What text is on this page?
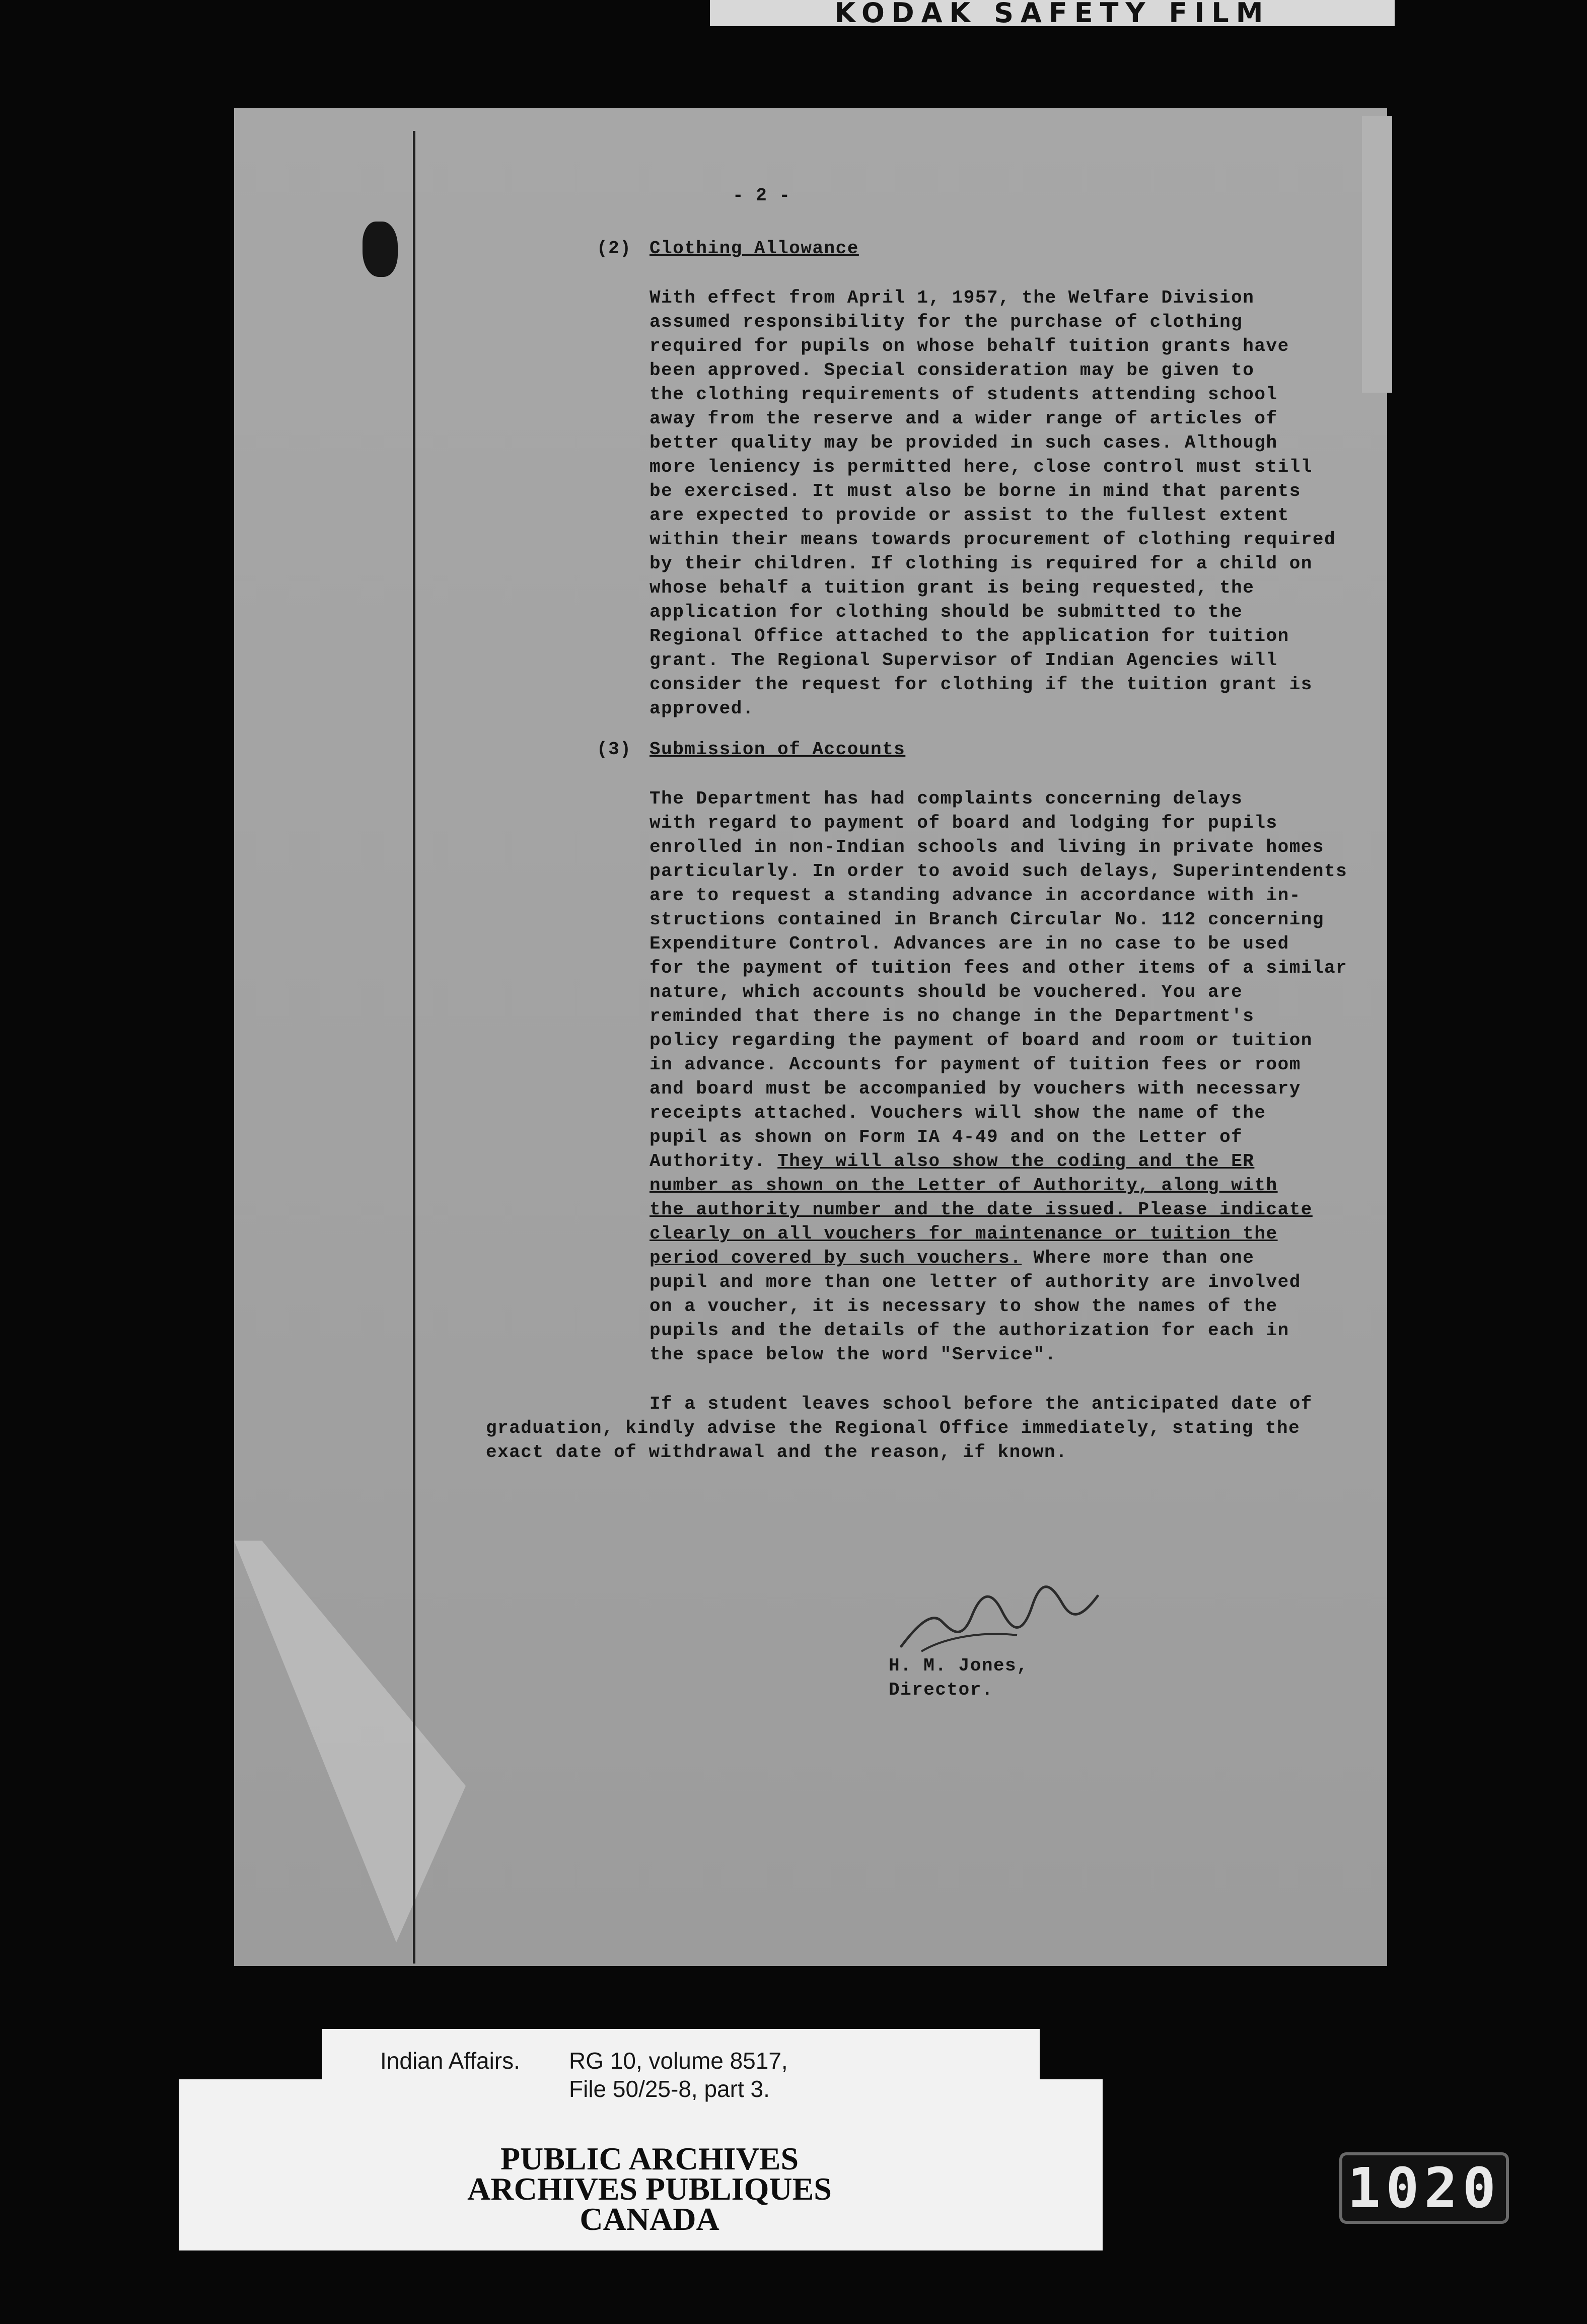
KODAK SAFETY FILM
- 2 -
(2) Clothing Allowance
With effect from April 1, 1957, the Welfare Division
assumed responsibility for the purchase of clothing
required for pupils on whose behalf tuition grants have
been approved. Special consideration may be given to
the clothing requirements of students attending school
away from the reserve and a wider range of articles of
better quality may be provided in such cases. Although
more leniency is permitted here, close control must still
be exercised. It must also be borne in mind that parents
are expected to provide or assist to the fullest extent
within their means towards procurement of clothing required
by their children. If clothing is required for a child on
whose behalf a tuition grant is being requested, the
application for clothing should be submitted to the
Regional Office attached to the application for tuition
grant. The Regional Supervisor of Indian Agencies will
consider the request for clothing if the tuition grant is
approved.
(3) Submission of Accounts
The Department has had complaints concerning delays
with regard to payment of board and lodging for pupils
enrolled in non-Indian schools and living in private homes
particularly. In order to avoid such delays, Superintendents
are to request a standing advance in accordance with in-
structions contained in Branch Circular No. 112 concerning
Expenditure Control. Advances are in no case to be used
for the payment of tuition fees and other items of a similar
nature, which accounts should be vouchered. You are
reminded that there is no change in the Department's
policy regarding the payment of board and room or tuition
in advance. Accounts for payment of tuition fees or room
and board must be accompanied by vouchers with necessary
receipts attached. Vouchers will show the name of the
pupil as shown on Form IA 4-49 and on the Letter of
Authority. They will also show the coding and the ER
number as shown on the Letter of Authority, along with
the authority number and the date issued. Please indicate
clearly on all vouchers for maintenance or tuition the
period covered by such vouchers. Where more than one
pupil and more than one letter of authority are involved
on a voucher, it is necessary to show the names of the
pupils and the details of the authorization for each in
the space below the word "Service".
If a student leaves school before the anticipated date of
graduation, kindly advise the Regional Office immediately, stating the
exact date of withdrawal and the reason, if known.
H. M. Jones,
Director.
Indian Affairs. RG 10, volume 8517,
File 50/25-8, part 3.
PUBLIC ARCHIVES
ARCHIVES PUBLIQUES
CANADA	1020
